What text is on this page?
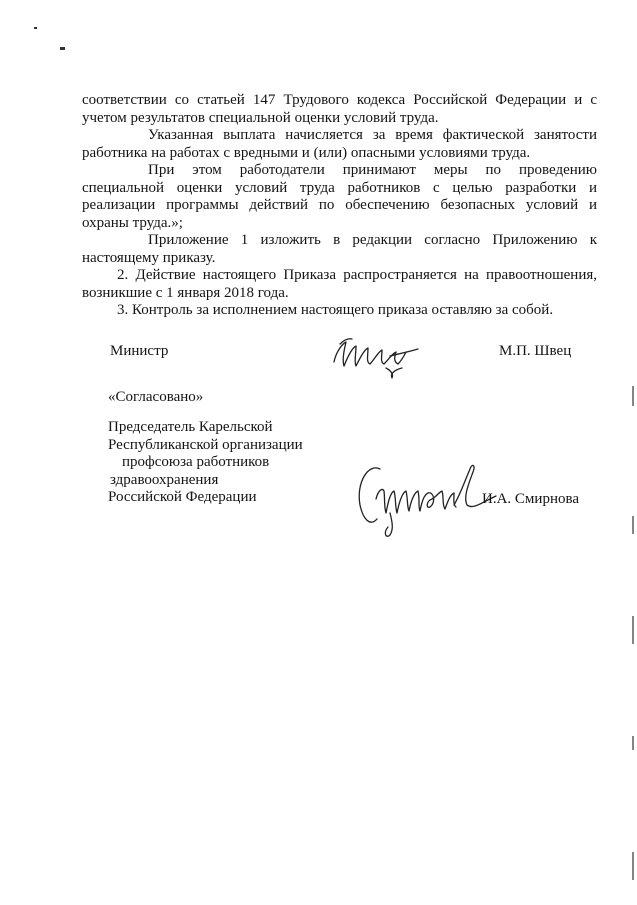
соответствии со статьей 147 Трудового кодекса Российской Федерации и с
учетом результатов специальной оценки условий труда.
Указанная выплата начисляется за время фактической занятости
работника на работах с вредными и (или) опасными условиями труда.
При этом работодатели принимают меры по проведению
специальной оценки условий труда работников с целью разработки и
реализации программы действий по обеспечению безопасных условий и
охраны труда.»;
Приложение 1 изложить в редакции согласно Приложению к
настоящему приказу.
2. Действие настоящего Приказа распространяется на правоотношения,
возникшие с 1 января 2018 года.
3. Контроль за исполнением настоящего приказа оставляю за собой.
Министр	М.П. Швец
«Согласовано»
Председатель Карельской
Республиканской организации
профсоюза работников
здравоохранения
Российской Федерации	И.А. Смирнова
